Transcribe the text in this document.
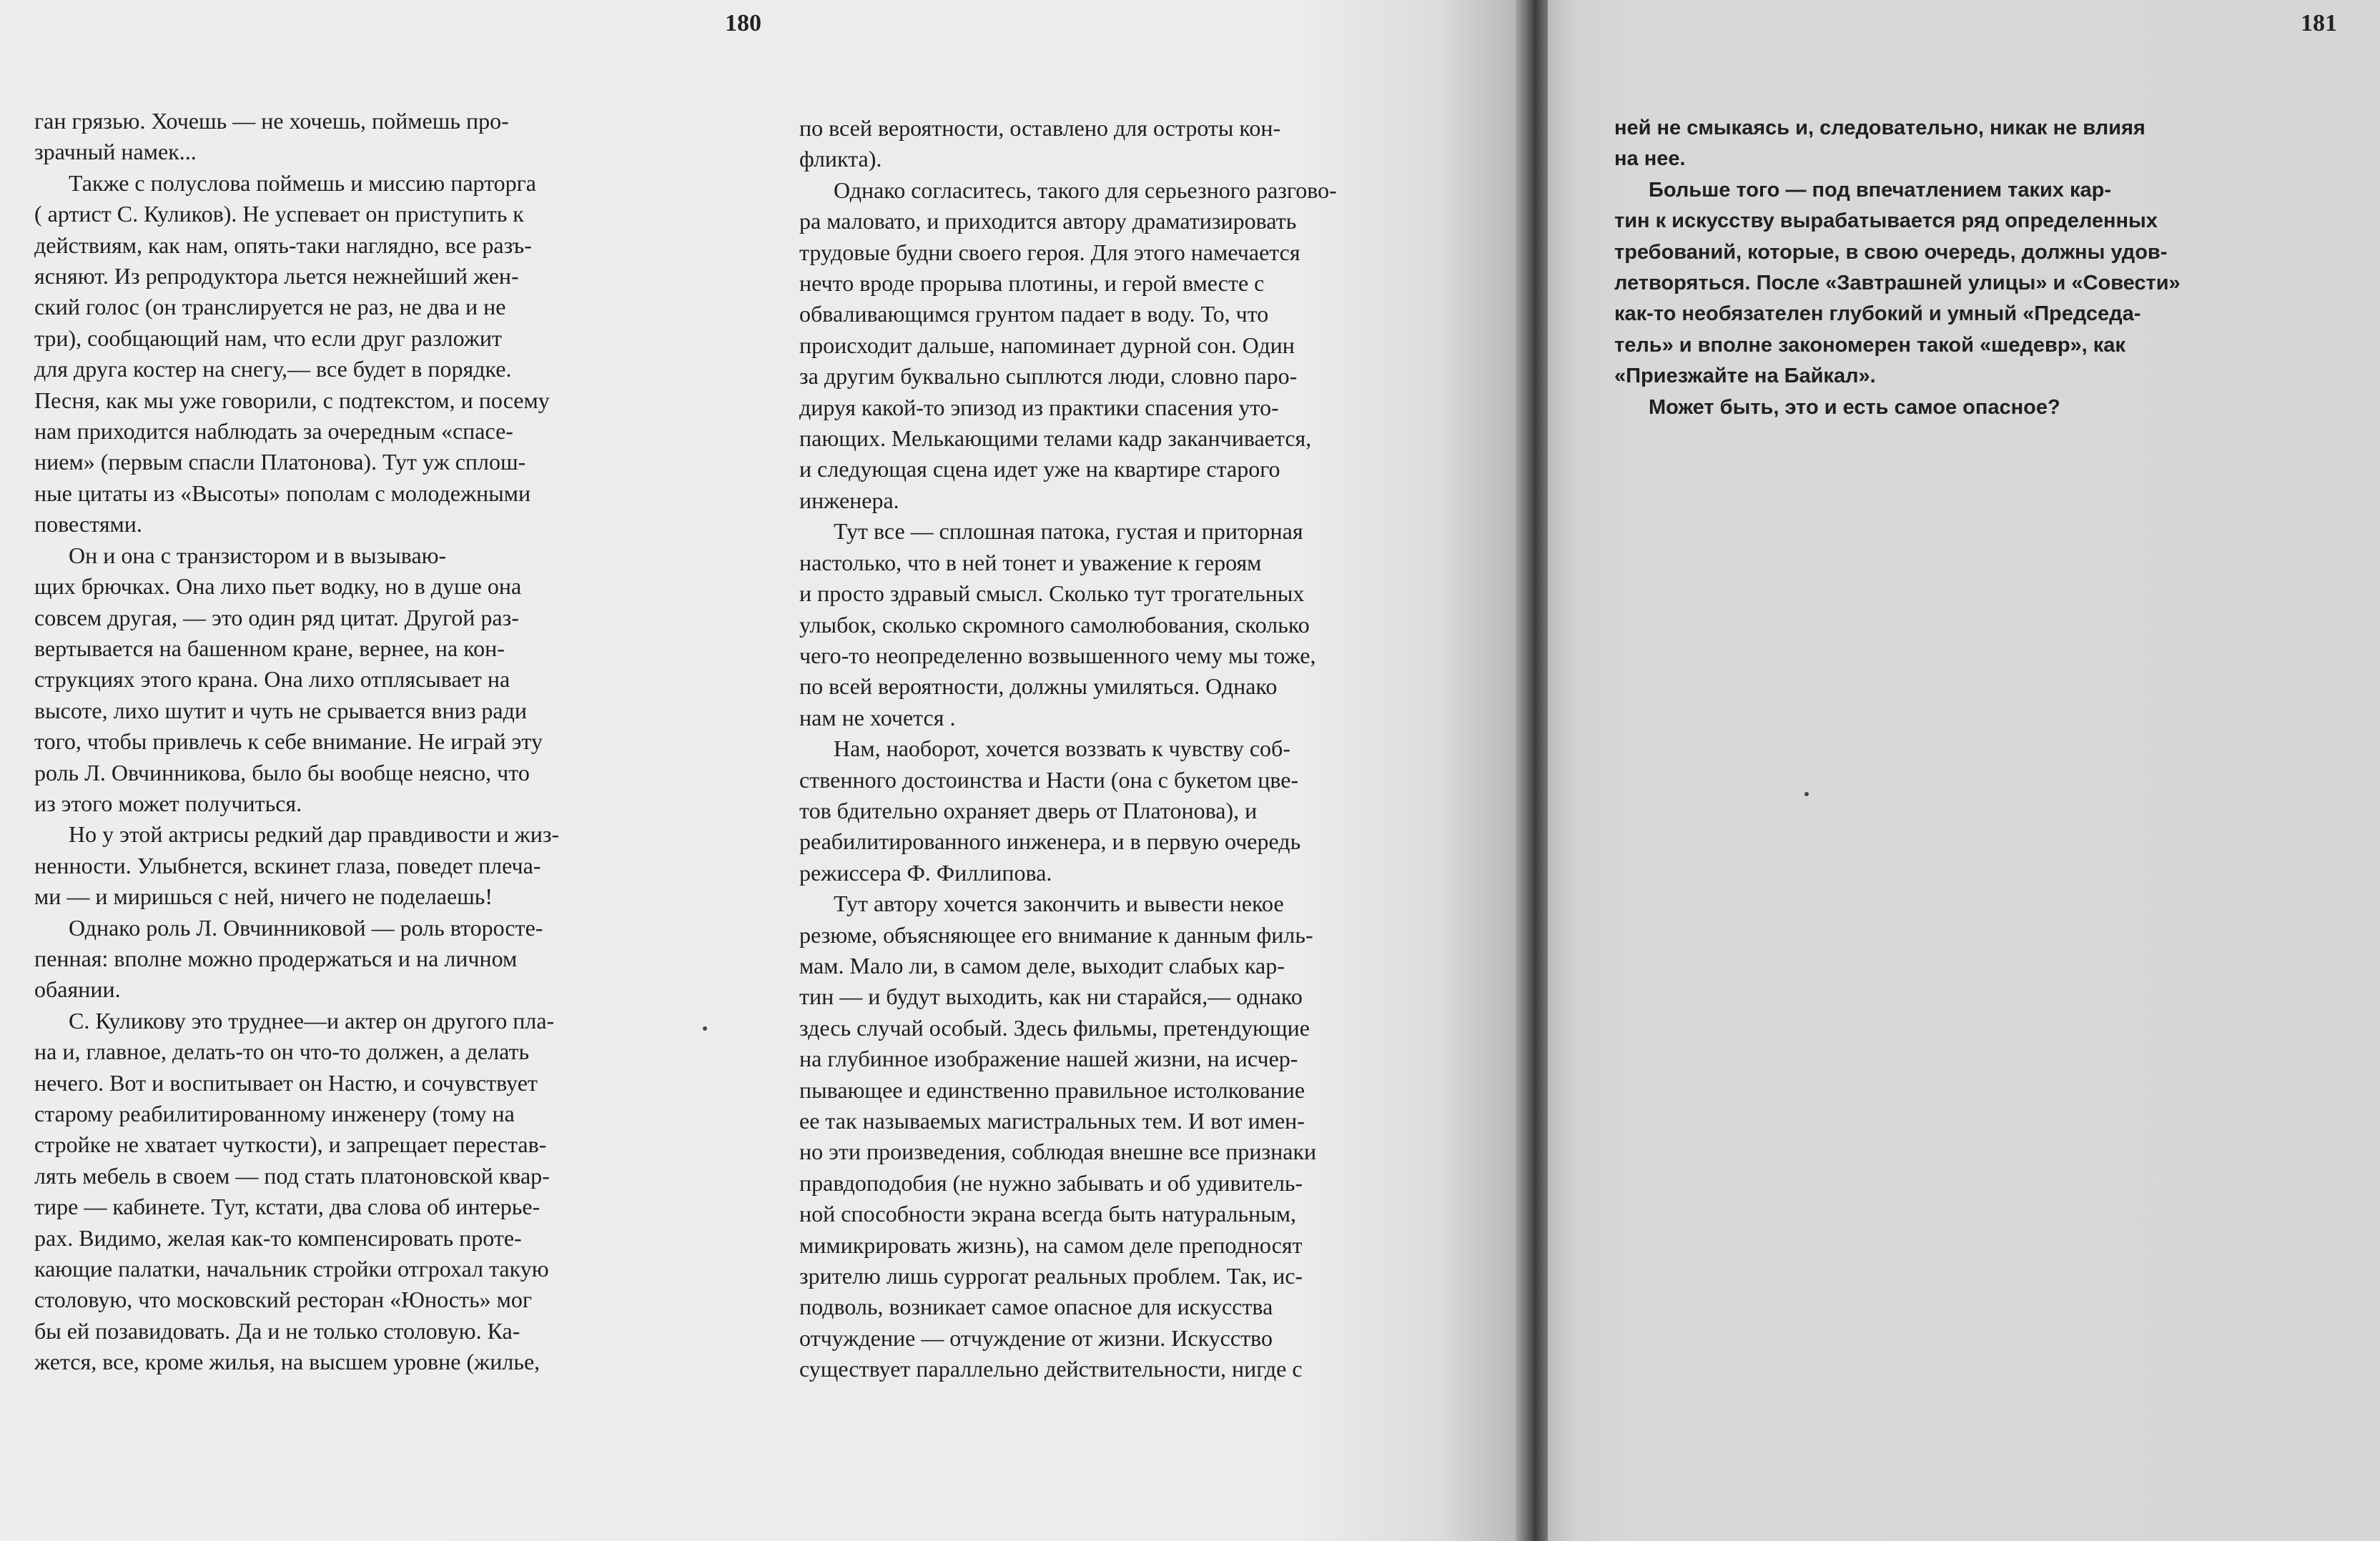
180	181

ган грязью. Хочешь — не хочешь, поймешь про-

зрачный намек...

Также с полуслова поймешь и миссию парторга

( артист С. Куликов). Не успевает он приступить к

действиям, как нам, опять-таки наглядно, все разъ-

ясняют. Из репродуктора льется нежнейший жен-

ский голос (он транслируется не раз, не два и не

три), сообщающий нам, что если друг разложит

для друга костер на снегу,— все будет в порядке.

Песня, как мы уже говорили, с подтекстом, и посему

нам приходится наблюдать за очередным «спасе-

нием» (первым спасли Платонова). Тут уж сплош-

ные цитаты из «Высоты» пополам с молодежными

повестями.

Он и она с транзистором и в вызываю-

щих брючках. Она лихо пьет водку, но в душе она

совсем другая, — это один ряд цитат. Другой раз-

вертывается на башенном кране, вернее, на кон-

струкциях этого крана. Она лихо отплясывает на

высоте, лихо шутит и чуть не срывается вниз ради

того, чтобы привлечь к себе внимание. Не играй эту

роль Л. Овчинникова, было бы вообще неясно, что

из этого может получиться.

Но у этой актрисы редкий дар правдивости и жиз-

ненности. Улыбнется, вскинет глаза, поведет плеча-

ми — и миришься с ней, ничего не поделаешь!

Однако роль Л. Овчинниковой — роль второсте-

пенная: вполне можно продержаться и на личном

обаянии.

С. Куликову это труднее—и актер он другого пла-

на и, главное, делать-то он что-то должен, а делать

нечего. Вот и воспитывает он Настю, и сочувствует

старому реабилитированному инженеру (тому на

стройке не хватает чуткости), и запрещает перестав-

лять мебель в своем — под стать платоновской квар-

тире — кабинете. Тут, кстати, два слова об интерье-

рах. Видимо, желая как-то компенсировать проте-

кающие палатки, начальник стройки отгрохал такую

столовую, что московский ресторан «Юность» мог

бы ей позавидовать. Да и не только столовую. Ка-

жется, все, кроме жилья, на высшем уровне (жилье,

по всей вероятности, оставлено для остроты кон-

фликта).

Однако согласитесь, такого для серьезного разгово-

ра маловато, и приходится автору драматизировать

трудовые будни своего героя. Для этого намечается

нечто вроде прорыва плотины, и герой вместе с

обваливающимся грунтом падает в воду. То, что

происходит дальше, напоминает дурной сон. Один

за другим буквально сыплются люди, словно паро-

дируя какой-то эпизод из практики спасения уто-

пающих. Мелькающими телами кадр заканчивается,

и следующая сцена идет уже на квартире старого

инженера.

Тут все — сплошная патока, густая и приторная

настолько, что в ней тонет и уважение к героям

и просто здравый смысл. Сколько тут трогательных

улыбок, сколько скромного самолюбования, сколько

чего-то неопределенно возвышенного чему мы тоже,

по всей вероятности, должны умиляться. Однако

нам не хочется .

Нам, наоборот, хочется воззвать к чувству соб-

ственного достоинства и Насти (она с букетом цве-

тов бдительно охраняет дверь от Платонова), и

реабилитированного инженера, и в первую очередь

режиссера Ф. Филлипова.

Тут автору хочется закончить и вывести некое

резюме, объясняющее его внимание к данным филь-

мам. Мало ли, в самом деле, выходит слабых кар-

тин — и будут выходить, как ни старайся,— однако

здесь случай особый. Здесь фильмы, претендующие

на глубинное изображение нашей жизни, на исчер-

пывающее и единственно правильное истолкование

ее так называемых магистральных тем. И вот имен-

но эти произведения, соблюдая внешне все признаки

правдоподобия (не нужно забывать и об удивитель-

ной способности экрана всегда быть натуральным,

мимикрировать жизнь), на самом деле преподносят

зрителю лишь суррогат реальных проблем. Так, ис-

подволь, возникает самое опасное для искусства

отчуждение — отчуждение от жизни. Искусство

существует параллельно действительности, нигде с

ней не смыкаясь и, следовательно, никак не влияя

на нее.

Больше того — под впечатлением таких кар-

тин к искусству вырабатывается ряд определенных

требований, которые, в свою очередь, должны удов-

летворяться. После «Завтрашней улицы» и «Совести»

как-то необязателен глубокий и умный «Председа-

тель» и вполне закономерен такой «шедевр», как

«Приезжайте на Байкал».

Может быть, это и есть самое опасное?
